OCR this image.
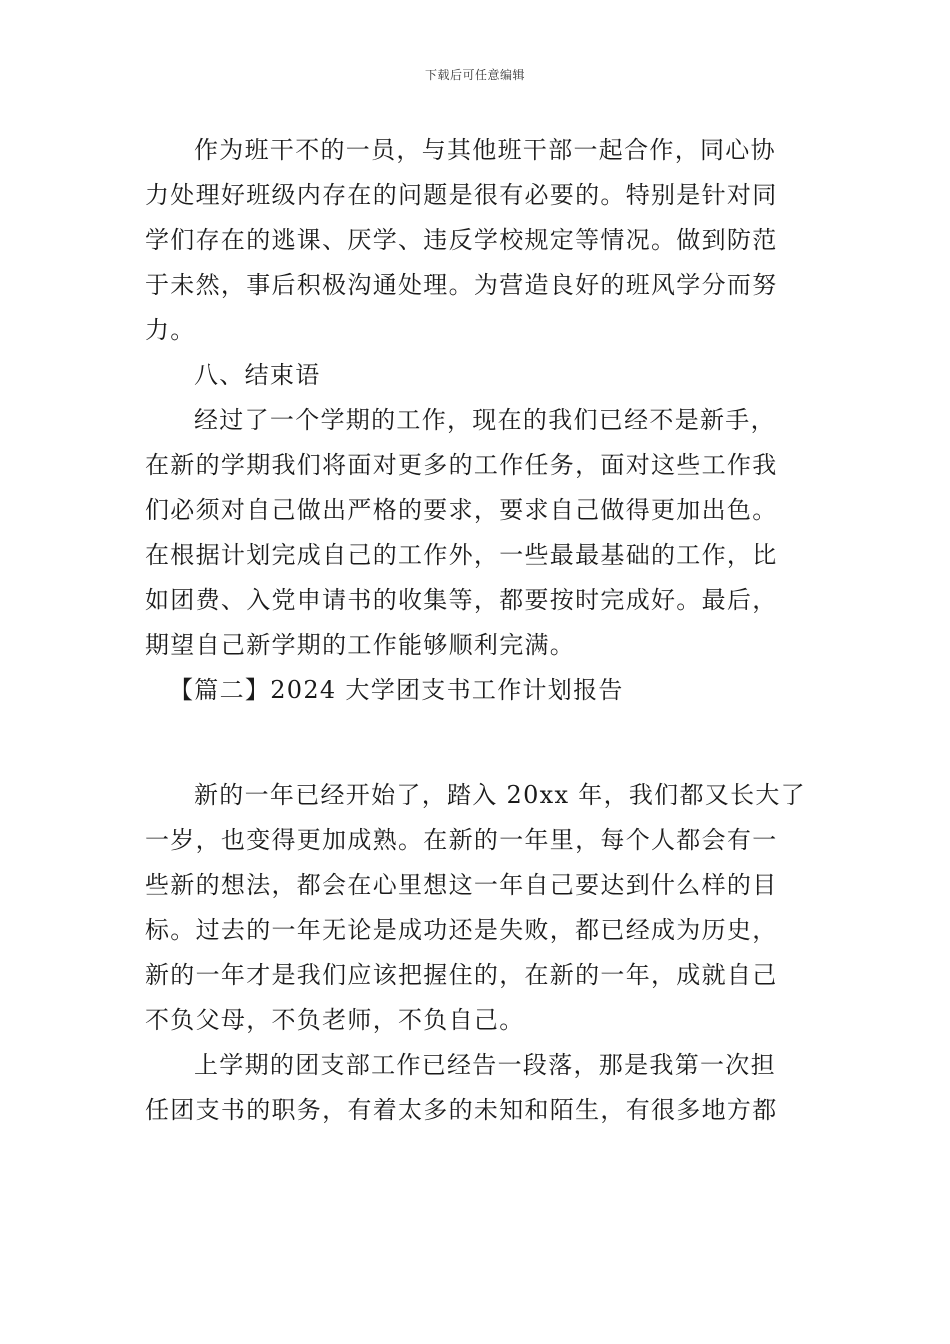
下载后可任意编辑
作为班干不的一员，与其他班干部一起合作，同心协
力处理好班级内存在的问题是很有必要的。特别是针对同
学们存在的逃课、厌学、违反学校规定等情况。做到防范
于未然，事后积极沟通处理。为营造良好的班风学分而努
力。
八、结束语
经过了一个学期的工作，现在的我们已经不是新手，
在新的学期我们将面对更多的工作任务，面对这些工作我
们必须对自己做出严格的要求，要求自己做得更加出色。
在根据计划完成自己的工作外，一些最最基础的工作，比
如团费、入党申请书的收集等，都要按时完成好。最后，
期望自己新学期的工作能够顺利完满。
【篇二】2024 大学团支书工作计划报告
新的一年已经开始了，踏入 20xx 年，我们都又长大了
一岁，也变得更加成熟。在新的一年里，每个人都会有一
些新的想法，都会在心里想这一年自己要达到什么样的目
标。过去的一年无论是成功还是失败，都已经成为历史，
新的一年才是我们应该把握住的，在新的一年，成就自己
不负父母，不负老师，不负自己。
上学期的团支部工作已经告一段落，那是我第一次担
任团支书的职务，有着太多的未知和陌生，有很多地方都
